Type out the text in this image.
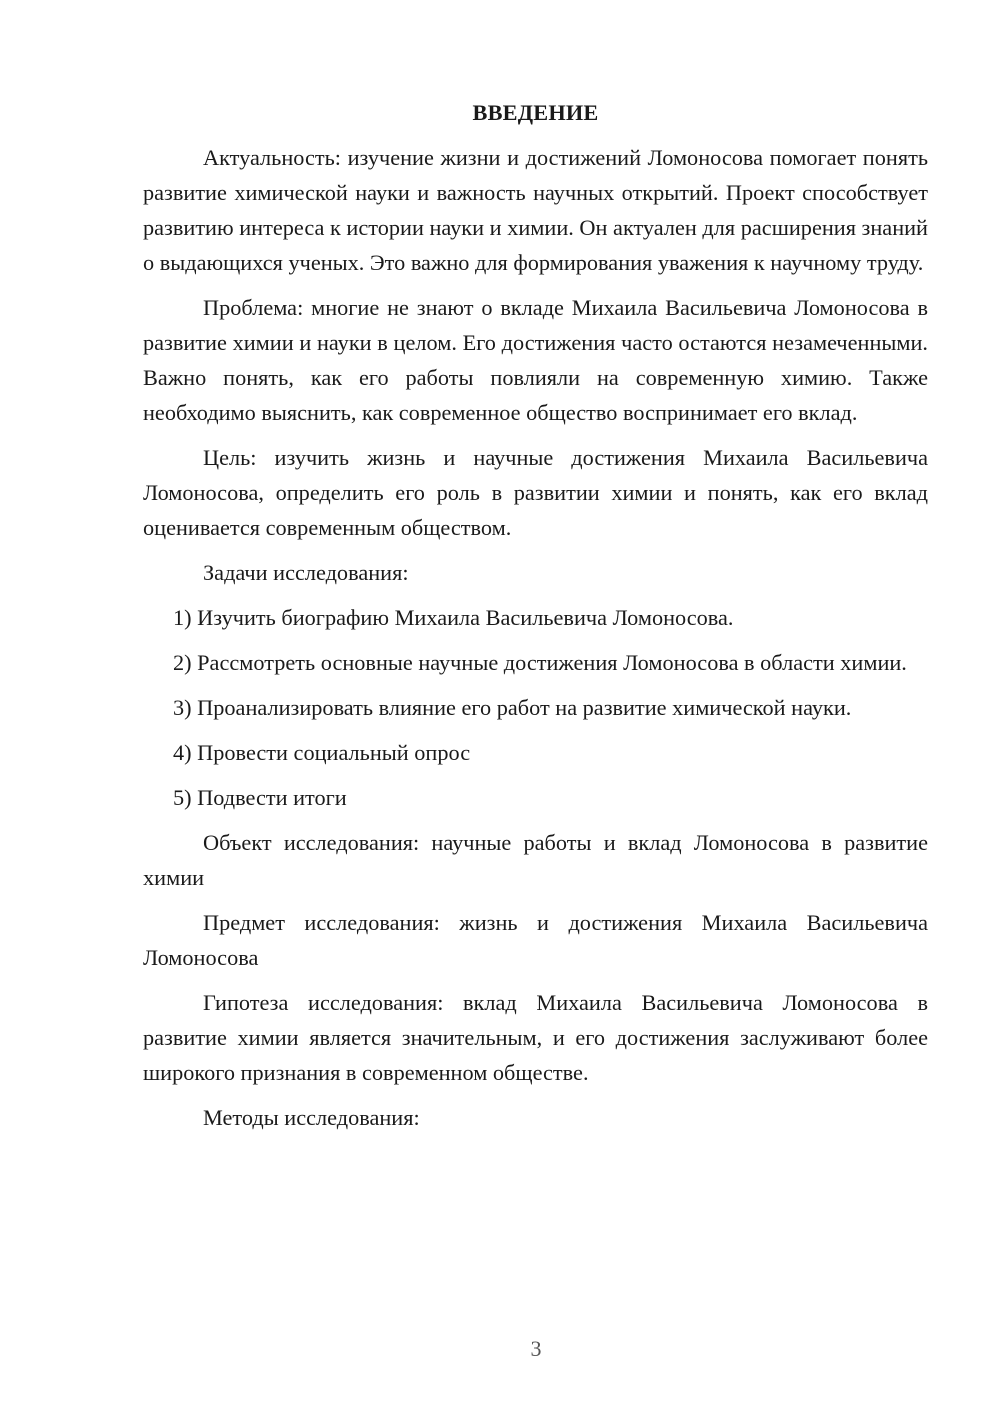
ВВЕДЕНИЕ

Актуальность: изучение жизни и достижений Ломоносова помогает понять развитие химической науки и важность научных открытий. Проект способствует развитию интереса к истории науки и химии. Он актуален для расширения знаний о выдающихся ученых. Это важно для формирования уважения к научному труду.

Проблема: многие не знают о вкладе Михаила Васильевича Ломоносова в развитие химии и науки в целом. Его достижения часто остаются незамеченными. Важно понять, как его работы повлияли на современную химию. Также необходимо выяснить, как современное общество воспринимает его вклад.

Цель: изучить жизнь и научные достижения Михаила Васильевича Ломоносова, определить его роль в развитии химии и понять, как его вклад оценивается современным обществом.

Задачи исследования:

1) Изучить биографию Михаила Васильевича Ломоносова.

2) Рассмотреть основные научные достижения Ломоносова в области химии.

3) Проанализировать влияние его работ на развитие химической науки.

4) Провести социальный опрос

5) Подвести итоги

Объект исследования: научные работы и вклад Ломоносова в развитие химии

Предмет исследования: жизнь и достижения Михаила Васильевича Ломоносова

Гипотеза исследования: вклад Михаила Васильевича Ломоносова в развитие химии является значительным, и его достижения заслуживают более широкого признания в современном обществе.

Методы исследования:

3
